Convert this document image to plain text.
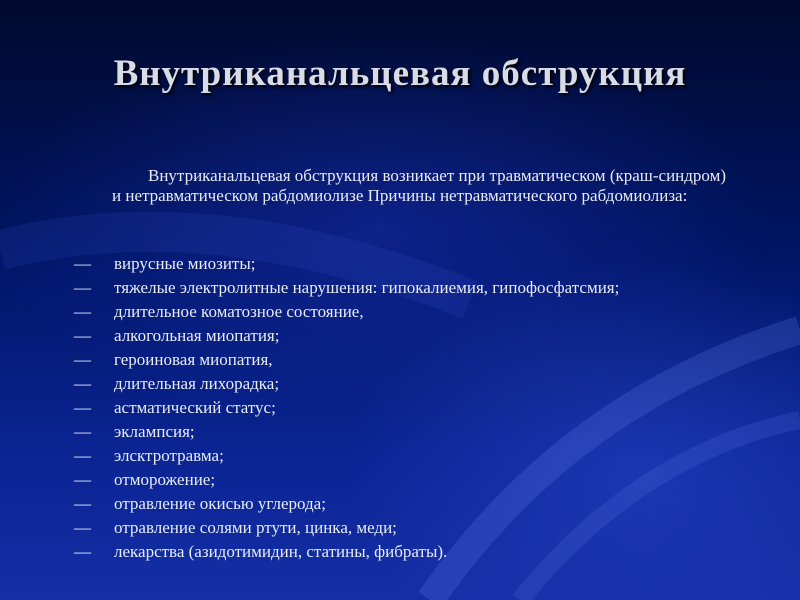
Внутриканальцевая обструкция

Внутриканальцевая обструкция возникает при травматическом (краш-синдром) и нетравматическом рабдомиолизе Причины нетравматического рабдомиолиза:

—	вирусные миозиты;
—	тяжелые электролитные нарушения: гипокалиемия, гипофосфатсмия;
—	длительное коматозное состояние,
—	алкогольная миопатия;
—	героиновая миопатия,
—	длительная лихорадка;
—	астматический статус;
—	эклампсия;
—	элсктротравма;
—	отморожение;
—	отравление окисью углерода;
—	отравление солями ртути, цинка, меди;
—	лекарства (азидотимидин, статины, фибраты).
